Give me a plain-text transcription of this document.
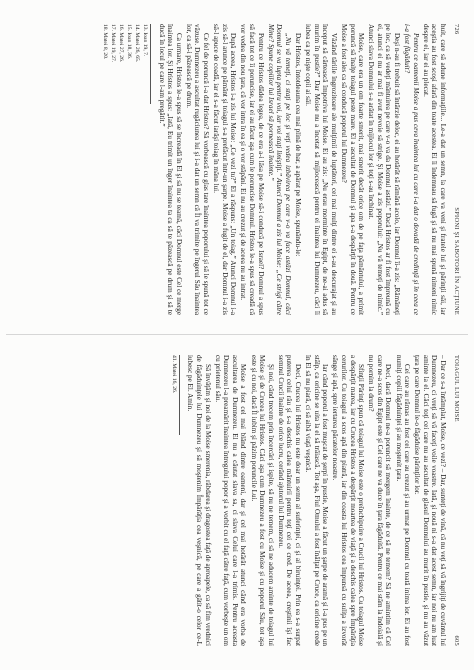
726
SPIONI ŞI SABOTORI ÎN ACŢIUNE

huit, care să adune informaţiile... Le-a dat un semn, la care va veni şi fratele lui şi părinţii săi, iar aceştia au fost scoşi afară din toate acestea. Ei îi îndemnau să fugă şi să nu mai spună nimeni nimic despre ei, iar ei au plecat.

Pentru ce oamenii Moise a pus ceva înaintea lui cu care i-a dat o dovadă de credinţă şi în ceea ce i-a fost făgăduit?

Deşi n-au fi trebuit să întârzie deloc, ei au hotărât să rămână acolo, iar Domnul îi-a zis: „Rămâneţi pe loc, ca să vedeţi mântuirea pe care v-o va da Domnul astăzi.” Dacă Hristos ar fi fost împreună cu ei, atunci ei nu ar mai fi avut nevoie să strige. Şi Moise a zis poporului: „Nu vă temeţi de nimic.” Atunci slava Domnului s-a arătat în mijlocul lor şi toţi s-au închinat.

Moise, care era un om foarte smerit, mai smerit decât orice om de pe faţa pământului, a primit poruncă să înalţe toiagul peste mare. El a ascultat de Domnul şi apa s-a despărţit în două. Pentru ce Moise a fost ales ca să conducă poporul lui Dumnezeu?

Văzând tăriile îngrozitoare ale mulţimii de luptători, cei mai mulţi dintre ei s-au descurajat şi au început să cârtească împotriva lui Moise. Ei au zis: „Nu erau morminte în Egipt, de ne-ai adus să murim în pustie?” Dar Moise nu a încetat să mijlocească pentru ei înaintea lui Dumnezeu, căci îi iubea ca pe nişte copii ai săi.

Dar Hristos, întotdeauna cea mai plină de har, a apărat pe Moise, spunându-le:

„Nu vă temeţi, ci staţi pe loc şi veţi vedea izbăvirea pe care v-o va face astăzi Domnul, căci Domnul se va lupta pentru voi, iar voi staţi liniştiţi.” Atunci Domnul a zis lui Moise: „Ce strigi către Mine? Spune copiilor lui Israel să pornească înainte.”

Pentru ce Hristos dădea legea, de ce era a-i lăsa pe Moise să-i conducă pe Israel? Domnul a spus să facă tot ce îi poruncise, iar ei au făcut aşa cum le poruncise Domnul. Hristos le-a spus să creadă că vor vedea din nou ţara, că vor intra în ea şi o vor stăpâni. Ei nu au crezut şi de aceea nu au intrat.

După aceea, Hristos i-a zis lui Moise: „Ce vezi tu?” El a răspuns: „Un toiag.” Atunci Domnul i-a zis să-l arunce pe pământ şi toiagul s-a prefăcut într-un şarpe. Moise a fugit de el, dar Domnul i-a zis să-l apuce de coadă, iar el s-a făcut iarăşi toiag în mâna lui.

Ce fel de poruncă i-a dat Hristos? Să vorbească cu glas tare înaintea poporului şi să le spună tot ce văzuse. Dumnezeu a ascultat rugăciunea lui şi i-a dat un semn că Îl va trimite pe îngerul Său înaintea lor, ca să-i păzească pe drum.

Ca urmare, Hristos le-a spus să se încreadă în El şi să nu se teamă, căci Domnul este Cel ce merge înaintea lor. Şi Hristos a spus: „Iată, Eu trimit un înger înaintea ta ca să te păzească pe drum şi să te ducă în locul pe care l-am pregătit.”

13. Ioan 19, 7.

14. Matei 26, 65.

15. Ioan 18, 36.

16. Matei 27, 26.

17. Matei 19, 27.

18. Matei 8, 20.

TOIAGUL LUI MOISE
605

– Dar ce s-a întâmplat, Moise, ce vezi? – Dar, sunteţi de vină, că nu veţi să vă îngrijiţi de cuvântul lui Dumnezeu, ci vreţi să vă faceţi voile voastre. Iată, şi nouă ni s-a dat acest semn, iar noi nu am luat aminte la el. Căci toţi cei care nu au ascultat de glasul Domnului au murit în pustie, şi nu au văzut ţara pe care Domnul le-o făgăduise părinţilor lor.

Cei care au rămas au fost cei care au crezut şi au urmat pe Domnul cu toată inima lor. Ei au fost numiţi copiii făgăduinţei şi au moştenit ţara.

Deci, dacă Domnul ne-a poruncit să mergem înainte, de ce să ne temem? Să ne amintim că Cel care ne-a scos din Egipt este şi Cel care ne va duce în ţara făgăduită. Pentru ce mai stăm la îndoială şi nu pornim la drum?

Sfinţii Părinţi spun că toiagul lui Moise este o preînchipuire a Crucii lui Hristos. Cu toiagul Moise a despărţit marea, iar cu Crucea Hristos a despărţit moartea de viaţă şi a deschis calea spre Împărăţia cerurilor. Cu toiagul a scos apă din piatră, iar din coasta lui Hristos cea împunsă cu suliţa a izvorât sânge şi apă, spre iertarea păcatelor noastre.

Iar când poporul a fost muşcat de şerpi în pustie, Moise a făcut un şarpe de aramă şi l-a pus pe un stâlp, ca oricine se uita la el să trăiască. Tot aşa, Fiul Omului a fost înălţat pe Cruce, ca oricine crede în El să nu piară, ci să aibă viaţă veşnică.

Deci, Crucea lui Hristos nu este doar un semn al suferinţei, ci şi al biruinţei. Prin ea s-a surpat puterea celui rău şi s-a deschis calea mântuirii pentru toţi cei ce cred. De aceea, creştinii îşi fac semnul Crucii înainte de orice lucru, cerând ajutorul lui Dumnezeu.

Şi noi, când trecem prin încercări şi ispite, să nu ne temem, ci să ne aducem aminte de toiagul lui Moise şi de Crucea lui Hristos. Căci aşa cum Dumnezeu a fost cu Moise şi cu poporul Său, tot aşa este şi cu noi, dacă Îl iubim şi păzim poruncile Lui.

Moise a fost cel mai blând dintre oameni, dar şi cel mai hotărât atunci când era vorba de ascultarea de Dumnezeu. El nu a căutat slava sa, ci slava Celui care l-a trimis. Pentru aceasta Dumnezeu l-a preamărit înaintea întregului popor şi a vorbit cu el faţă către faţă, cum vorbeşte un om cu prietenul său.

Să învăţăm şi noi de la Moise smerenia, răbdarea şi dragostea faţă de aproapele, ca să fim vrednici de făgăduinţele lui Dumnezeu şi să moştenim Împărăţia cea veşnică, pe care a gătit-o celor ce-L iubesc pe El. Amin.

41. Matei 16, 26.
